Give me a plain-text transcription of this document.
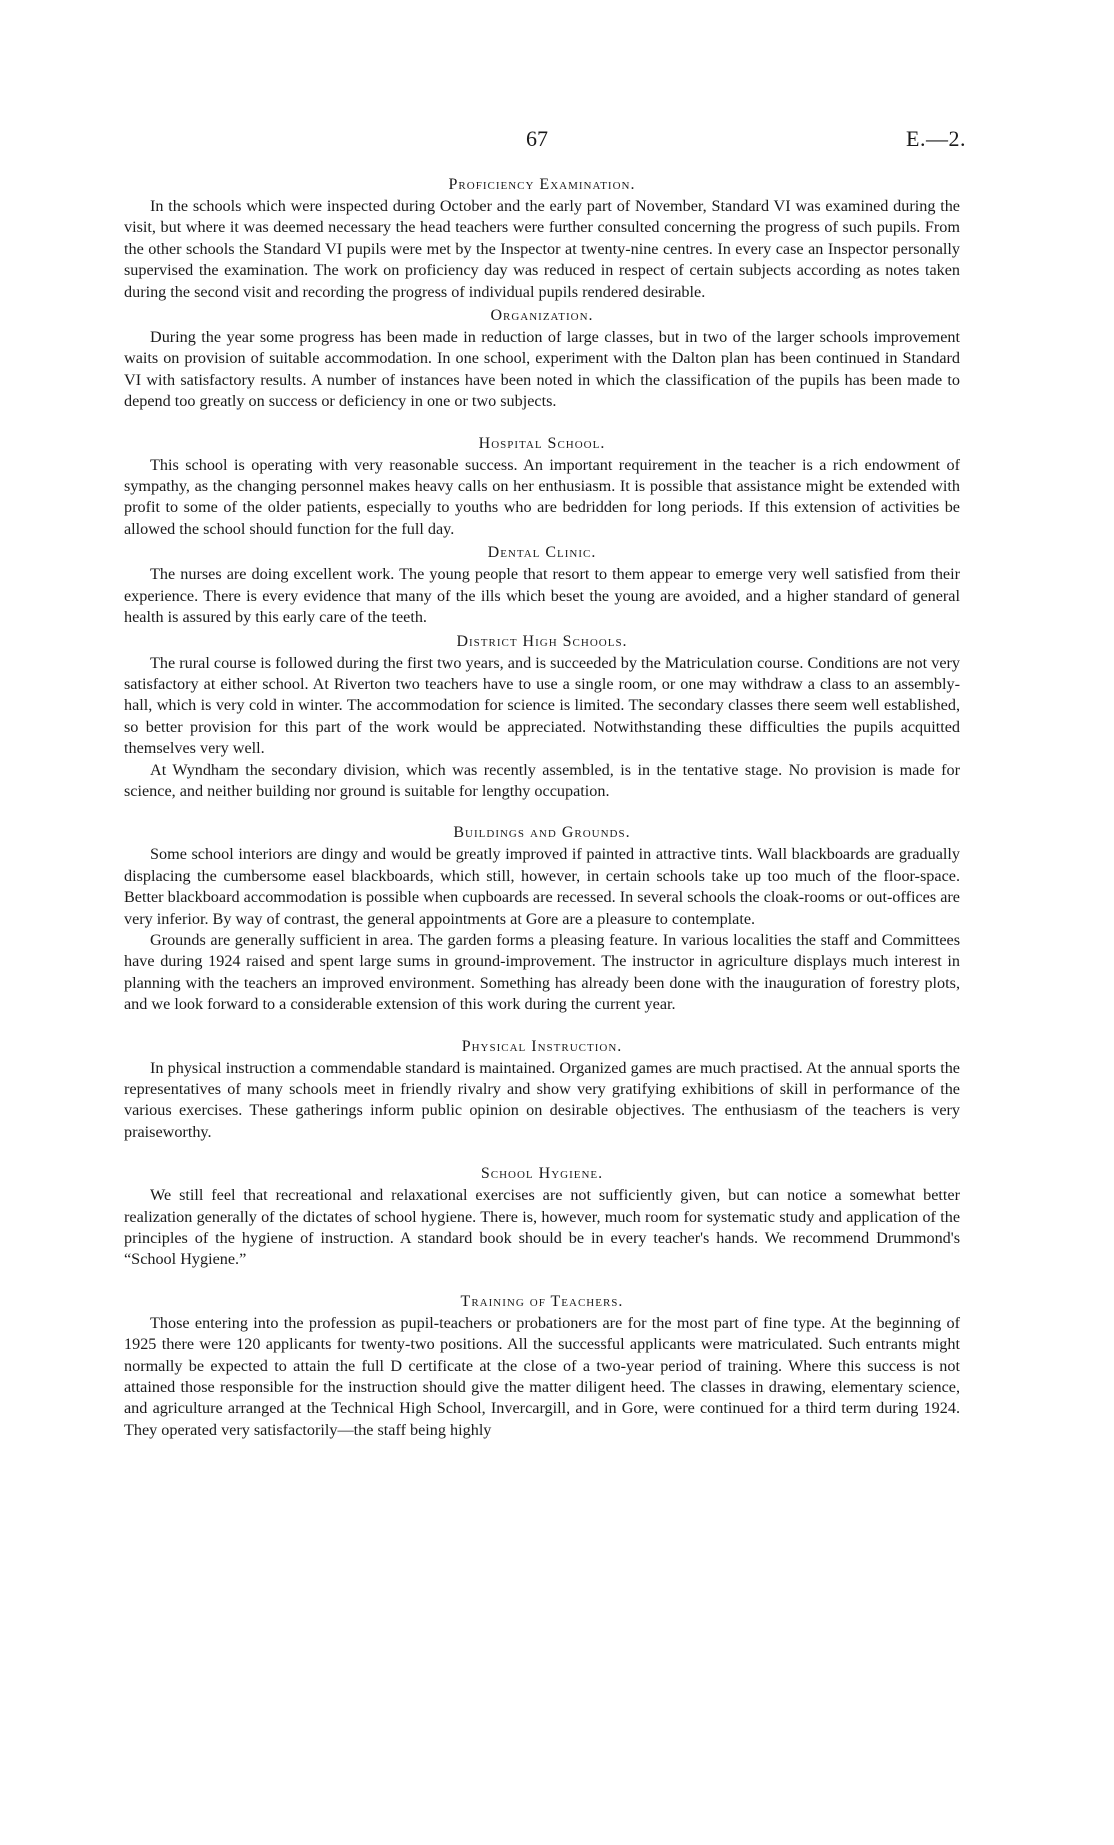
67	E.—2.
Proficiency Examination.

In the schools which were inspected during October and the early part of November, Standard VI was examined during the visit, but where it was deemed necessary the head teachers were further consulted concerning the progress of such pupils. From the other schools the Standard VI pupils were met by the Inspector at twenty-nine centres. In every case an Inspector personally supervised the examination. The work on proficiency day was reduced in respect of certain subjects according as notes taken during the second visit and recording the progress of individual pupils rendered desirable.

Organization.

During the year some progress has been made in reduction of large classes, but in two of the larger schools improvement waits on provision of suitable accommodation. In one school, experiment with the Dalton plan has been continued in Standard VI with satisfactory results. A number of instances have been noted in which the classification of the pupils has been made to depend too greatly on success or deficiency in one or two subjects.

Hospital School.

This school is operating with very reasonable success. An important requirement in the teacher is a rich endowment of sympathy, as the changing personnel makes heavy calls on her enthusiasm. It is possible that assistance might be extended with profit to some of the older patients, especially to youths who are bedridden for long periods. If this extension of activities be allowed the school should function for the full day.

Dental Clinic.

The nurses are doing excellent work. The young people that resort to them appear to emerge very well satisfied from their experience. There is every evidence that many of the ills which beset the young are avoided, and a higher standard of general health is assured by this early care of the teeth.

District High Schools.

The rural course is followed during the first two years, and is succeeded by the Matriculation course. Conditions are not very satisfactory at either school. At Riverton two teachers have to use a single room, or one may withdraw a class to an assembly-hall, which is very cold in winter. The accommodation for science is limited. The secondary classes there seem well established, so better provision for this part of the work would be appreciated. Notwithstanding these difficulties the pupils acquitted themselves very well.

At Wyndham the secondary division, which was recently assembled, is in the tentative stage. No provision is made for science, and neither building nor ground is suitable for lengthy occupation.

Buildings and Grounds.

Some school interiors are dingy and would be greatly improved if painted in attractive tints. Wall blackboards are gradually displacing the cumbersome easel blackboards, which still, however, in certain schools take up too much of the floor-space. Better blackboard accommodation is possible when cupboards are recessed. In several schools the cloak-rooms or out-offices are very inferior. By way of contrast, the general appointments at Gore are a pleasure to contemplate.

Grounds are generally sufficient in area. The garden forms a pleasing feature. In various localities the staff and Committees have during 1924 raised and spent large sums in ground-improvement. The instructor in agriculture displays much interest in planning with the teachers an improved environment. Something has already been done with the inauguration of forestry plots, and we look forward to a considerable extension of this work during the current year.

Physical Instruction.

In physical instruction a commendable standard is maintained. Organized games are much practised. At the annual sports the representatives of many schools meet in friendly rivalry and show very gratifying exhibitions of skill in performance of the various exercises. These gatherings inform public opinion on desirable objectives. The enthusiasm of the teachers is very praiseworthy.

School Hygiene.

We still feel that recreational and relaxational exercises are not sufficiently given, but can notice a somewhat better realization generally of the dictates of school hygiene. There is, however, much room for systematic study and application of the principles of the hygiene of instruction. A standard book should be in every teacher's hands. We recommend Drummond's “School Hygiene.”

Training of Teachers.

Those entering into the profession as pupil-teachers or probationers are for the most part of fine type. At the beginning of 1925 there were 120 applicants for twenty-two positions. All the successful applicants were matriculated. Such entrants might normally be expected to attain the full D certificate at the close of a two-year period of training. Where this success is not attained those responsible for the instruction should give the matter diligent heed. The classes in drawing, elementary science, and agriculture arranged at the Technical High School, Invercargill, and in Gore, were continued for a third term during 1924. They operated very satisfactorily—the staff being highly
